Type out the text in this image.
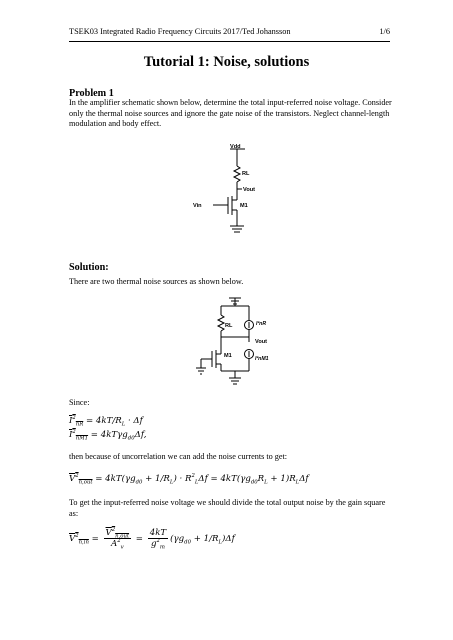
TSEK03 Integrated Radio Frequency Circuits 2017/Ted Johansson	1/6
Tutorial 1: Noise, solutions
Problem 1
In the amplifier schematic shown below, determine the total input-referred noise voltage. Consider only the thermal noise sources and ignore the gate noise of the transistors. Neglect channel-length modulation and body effect.
Vdd
RL
Vout
Vin	M1
Solution:
There are two thermal noise sources as shown below.
RL	I²nR
Vout
M1	I²nM1
Since:
$I^2_{nR} = 4kT/R_L \cdot \Delta f$
$I^2_{nM1} = 4kT\gamma g_{d0}\Delta f$,
then because of uncorrelation we can add the noise currents to get:
$V^2_{n,out} = 4kT(\gamma g_{d0} + 1/R_L) \cdot R^2_L\Delta f = 4kT(\gamma g_{d0}R_L + 1)R_L\Delta f$
To get the input-referred noise voltage we should divide the total output noise by the gain square as:
$V^2_{n,in} = \frac{V^2_{n,out}}{A^2_v} = \frac{4kT}{g^2_m} (\gamma g_{d0} + 1/R_L)\Delta f$
